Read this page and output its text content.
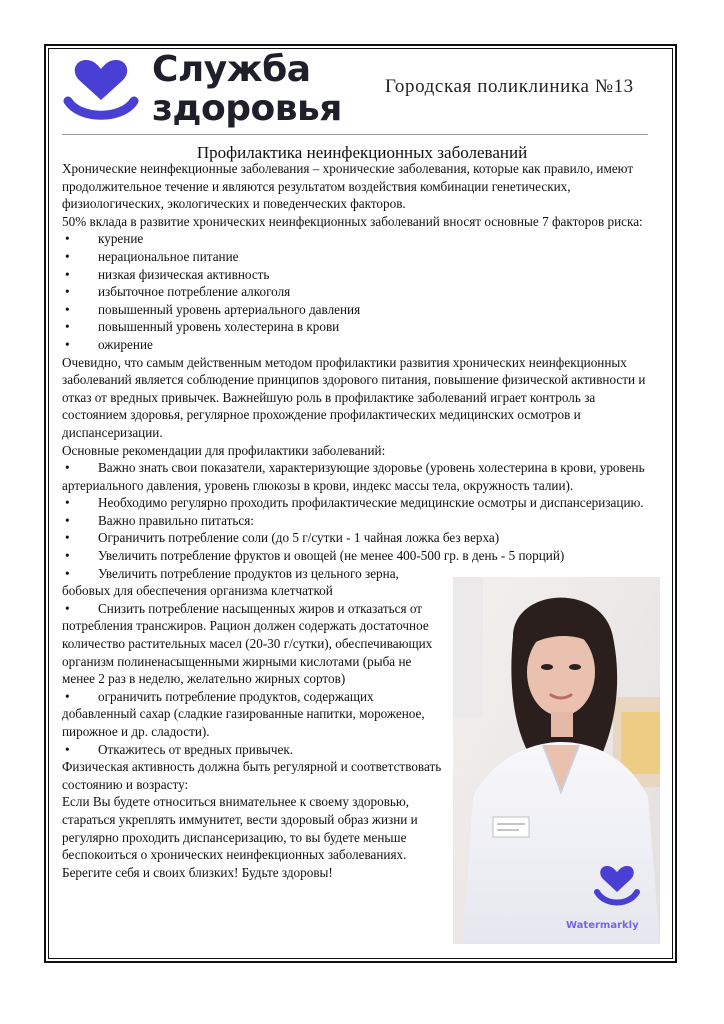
Служба
здоровья
Городская поликлиника №13
Профилактика неинфекционных заболеваний

Хронические неинфекционные заболевания – хронические заболевания, которые как правило, имеют продолжительное течение и являются результатом воздействия комбинации генетических, физиологических, экологических и поведенческих факторов.

50% вклада в развитие хронических неинфекционных заболеваний вносят основные 7 факторов риска:

• курение
• нерациональное питание
• низкая физическая активность
• избыточное потребление алкоголя
• повышенный уровень артериального давления
• повышенный уровень холестерина в крови
• ожирение

Очевидно, что самым действенным методом профилактики развития хронических неинфекционных заболеваний является соблюдение принципов здорового питания, повышение физической активности и отказ от вредных привычек. Важнейшую роль в профилактике заболеваний играет контроль за состоянием здоровья, регулярное прохождение профилактических медицинских осмотров и диспансеризации.

Основные рекомендации для профилактики заболеваний:

• Важно знать свои показатели, характеризующие здоровье (уровень холестерина в крови, уровень артериального давления, уровень глюкозы в крови, индекс массы тела, окружность талии).

• Необходимо регулярно проходить профилактические медицинские осмотры и диспансеризацию.

• Важно правильно питаться:

• Ограничить потребление соли (до 5 г/сутки - 1 чайная ложка без верха)

• Увеличить потребление фруктов и овощей (не менее 400-500 гр. в день - 5 порций)

• Увеличить потребление продуктов из цельного зерна, бобовых для обеспечения организма клетчаткой

• Снизить потребление насыщенных жиров и отказаться от потребления трансжиров. Рацион должен содержать достаточное количество растительных масел (20-30 г/сутки), обеспечивающих организм полиненасыщенными жирными кислотами (рыба не менее 2 раз в неделю, желательно жирных сортов)

• ограничить потребление продуктов, содержащих добавленный сахар (сладкие газированные напитки, мороженое, пирожное и др. сладости).

• Откажитесь от вредных привычек.

Физическая активность должна быть регулярной и соответствовать состоянию и возрасту:

Если Вы будете относиться внимательнее к своему здоровью, стараться укреплять иммунитет, вести здоровый образ жизни и регулярно проходить диспансеризацию, то вы будете меньше беспокоиться о хронических неинфекционных заболеваниях.

Берегите себя и своих близких! Будьте здоровы!

Watermarkly
